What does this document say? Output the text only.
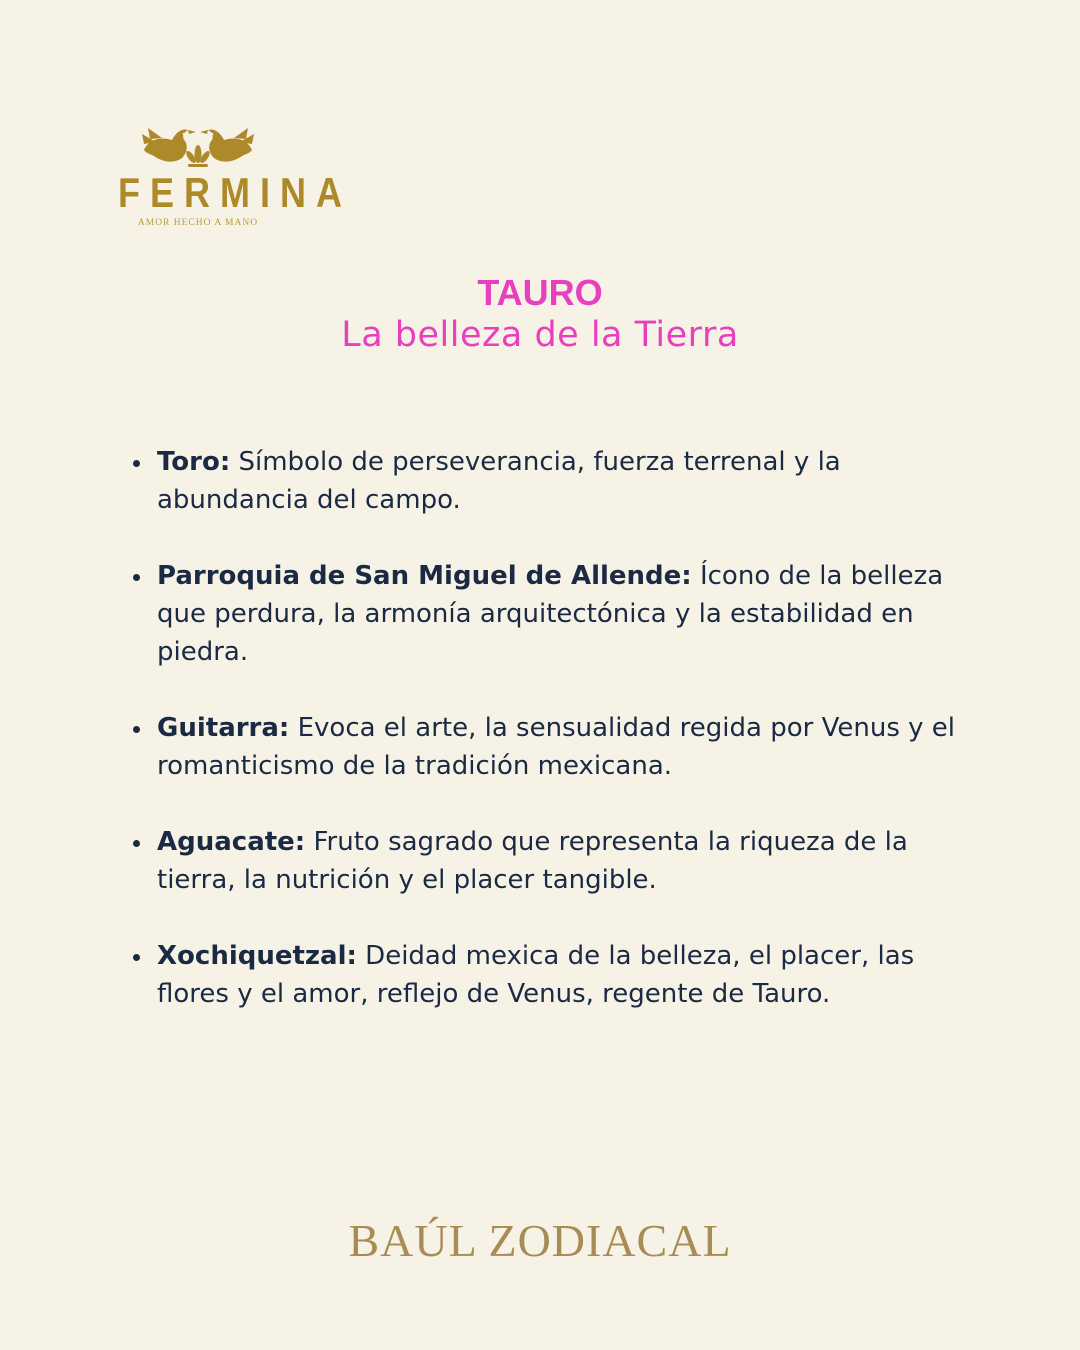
FERMINA
AMOR HECHO A MANO
TAURO
La belleza de la Tierra
Toro: Símbolo de perseverancia, fuerza terrenal y la abundancia del campo.
Parroquia de San Miguel de Allende: Ícono de la belleza que perdura, la armonía arquitectónica y la estabilidad en piedra.
Guitarra: Evoca el arte, la sensualidad regida por Venus y el romanticismo de la tradición mexicana.
Aguacate: Fruto sagrado que representa la riqueza de la tierra, la nutrición y el placer tangible.
Xochiquetzal: Deidad mexica de la belleza, el placer, las flores y el amor, reflejo de Venus, regente de Tauro.
BAÚL ZODIACAL
